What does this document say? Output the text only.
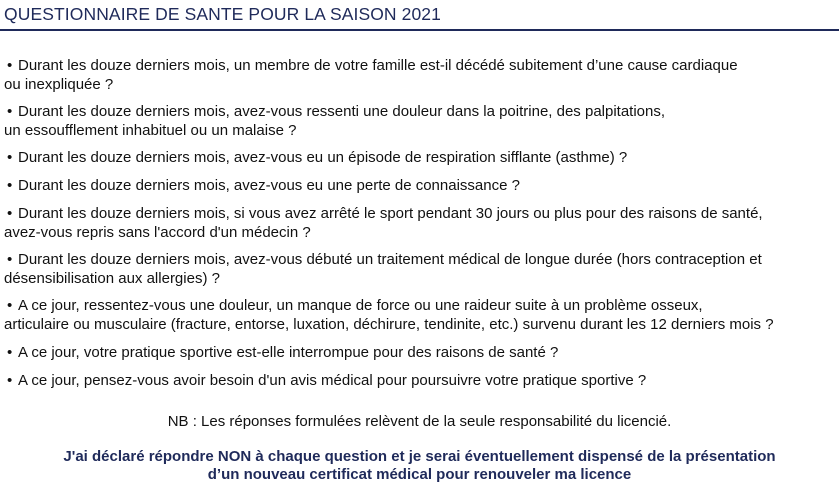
QUESTIONNAIRE DE SANTE POUR LA SAISON 2021
• Durant les douze derniers mois, un membre de votre famille est-il décédé subitement d’une cause cardiaque
ou inexpliquée ?
• Durant les douze derniers mois, avez-vous ressenti une douleur dans la poitrine, des palpitations,
un essoufflement inhabituel ou un malaise ?
• Durant les douze derniers mois, avez-vous eu un épisode de respiration sifflante (asthme) ?
• Durant les douze derniers mois, avez-vous eu une perte de connaissance ?
• Durant les douze derniers mois, si vous avez arrêté le sport pendant 30 jours ou plus pour des raisons de santé,
avez-vous repris sans l'accord d'un médecin ?
• Durant les douze derniers mois, avez-vous débuté un traitement médical de longue durée (hors contraception et
désensibilisation aux allergies) ?
• A ce jour, ressentez-vous une douleur, un manque de force ou une raideur suite à un problème osseux,
articulaire ou musculaire (fracture, entorse, luxation, déchirure, tendinite, etc.) survenu durant les 12 derniers mois ?
• A ce jour, votre pratique sportive est-elle interrompue pour des raisons de santé ?
• A ce jour, pensez-vous avoir besoin d'un avis médical pour poursuivre votre pratique sportive ?
NB : Les réponses formulées relèvent de la seule responsabilité du licencié.
J'ai déclaré répondre NON à chaque question et je serai éventuellement dispensé de la présentation
d’un nouveau certificat médical pour renouveler ma licence
